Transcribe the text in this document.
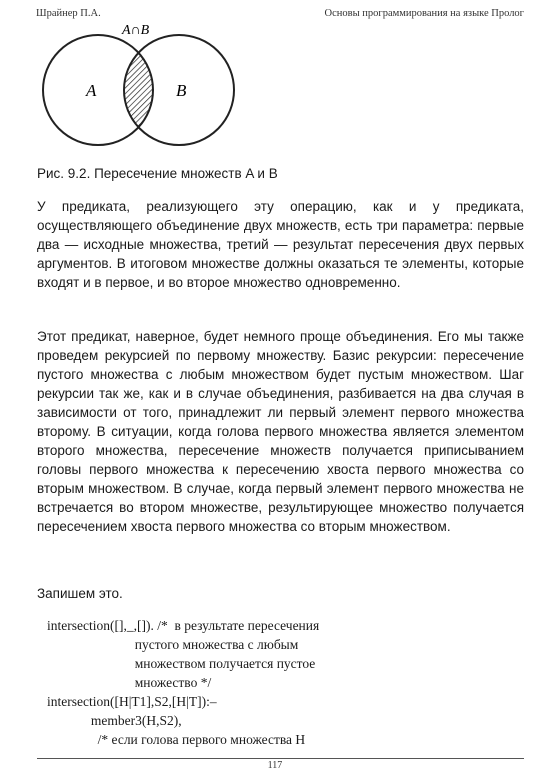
Шрайнер П.А.	Основы программирования на языке Пролог
A∩B
A	B
Рис. 9.2. Пересечение множеств A и B

У предиката, реализующего эту операцию, как и у предиката, осуществляющего объединение двух множеств, есть три параметра: первые два — исходные множества, третий — результат пересечения двух первых аргументов. В итоговом множестве должны оказаться те элементы, которые входят и в первое, и во второе множество одновременно.

Этот предикат, наверное, будет немного проще объединения. Его мы также проведем рекурсией по первому множеству. Базис рекурсии: пересечение пустого множества с любым множеством будет пустым множеством. Шаг рекурсии так же, как и в случае объединения, разбивается на два случая в зависимости от того, принадлежит ли первый элемент первого множества второму. В ситуации, когда голова первого множества является элементом второго множества, пересечение множеств получается приписыванием головы первого множества к пересечению хвоста первого множества со вторым множеством. В случае, когда первый элемент первого множества не встречается во втором множестве, результирующее множество получается пересечением хвоста первого множества со вторым множеством.

Запишем это.

intersection([],_,[]). /*  в результате пересечения
пустого множества с любым
множеством получается пустое
множество */
intersection([H|T1],S2,[H|T]):–
member3(H,S2),
/* если голова первого множества H
117
